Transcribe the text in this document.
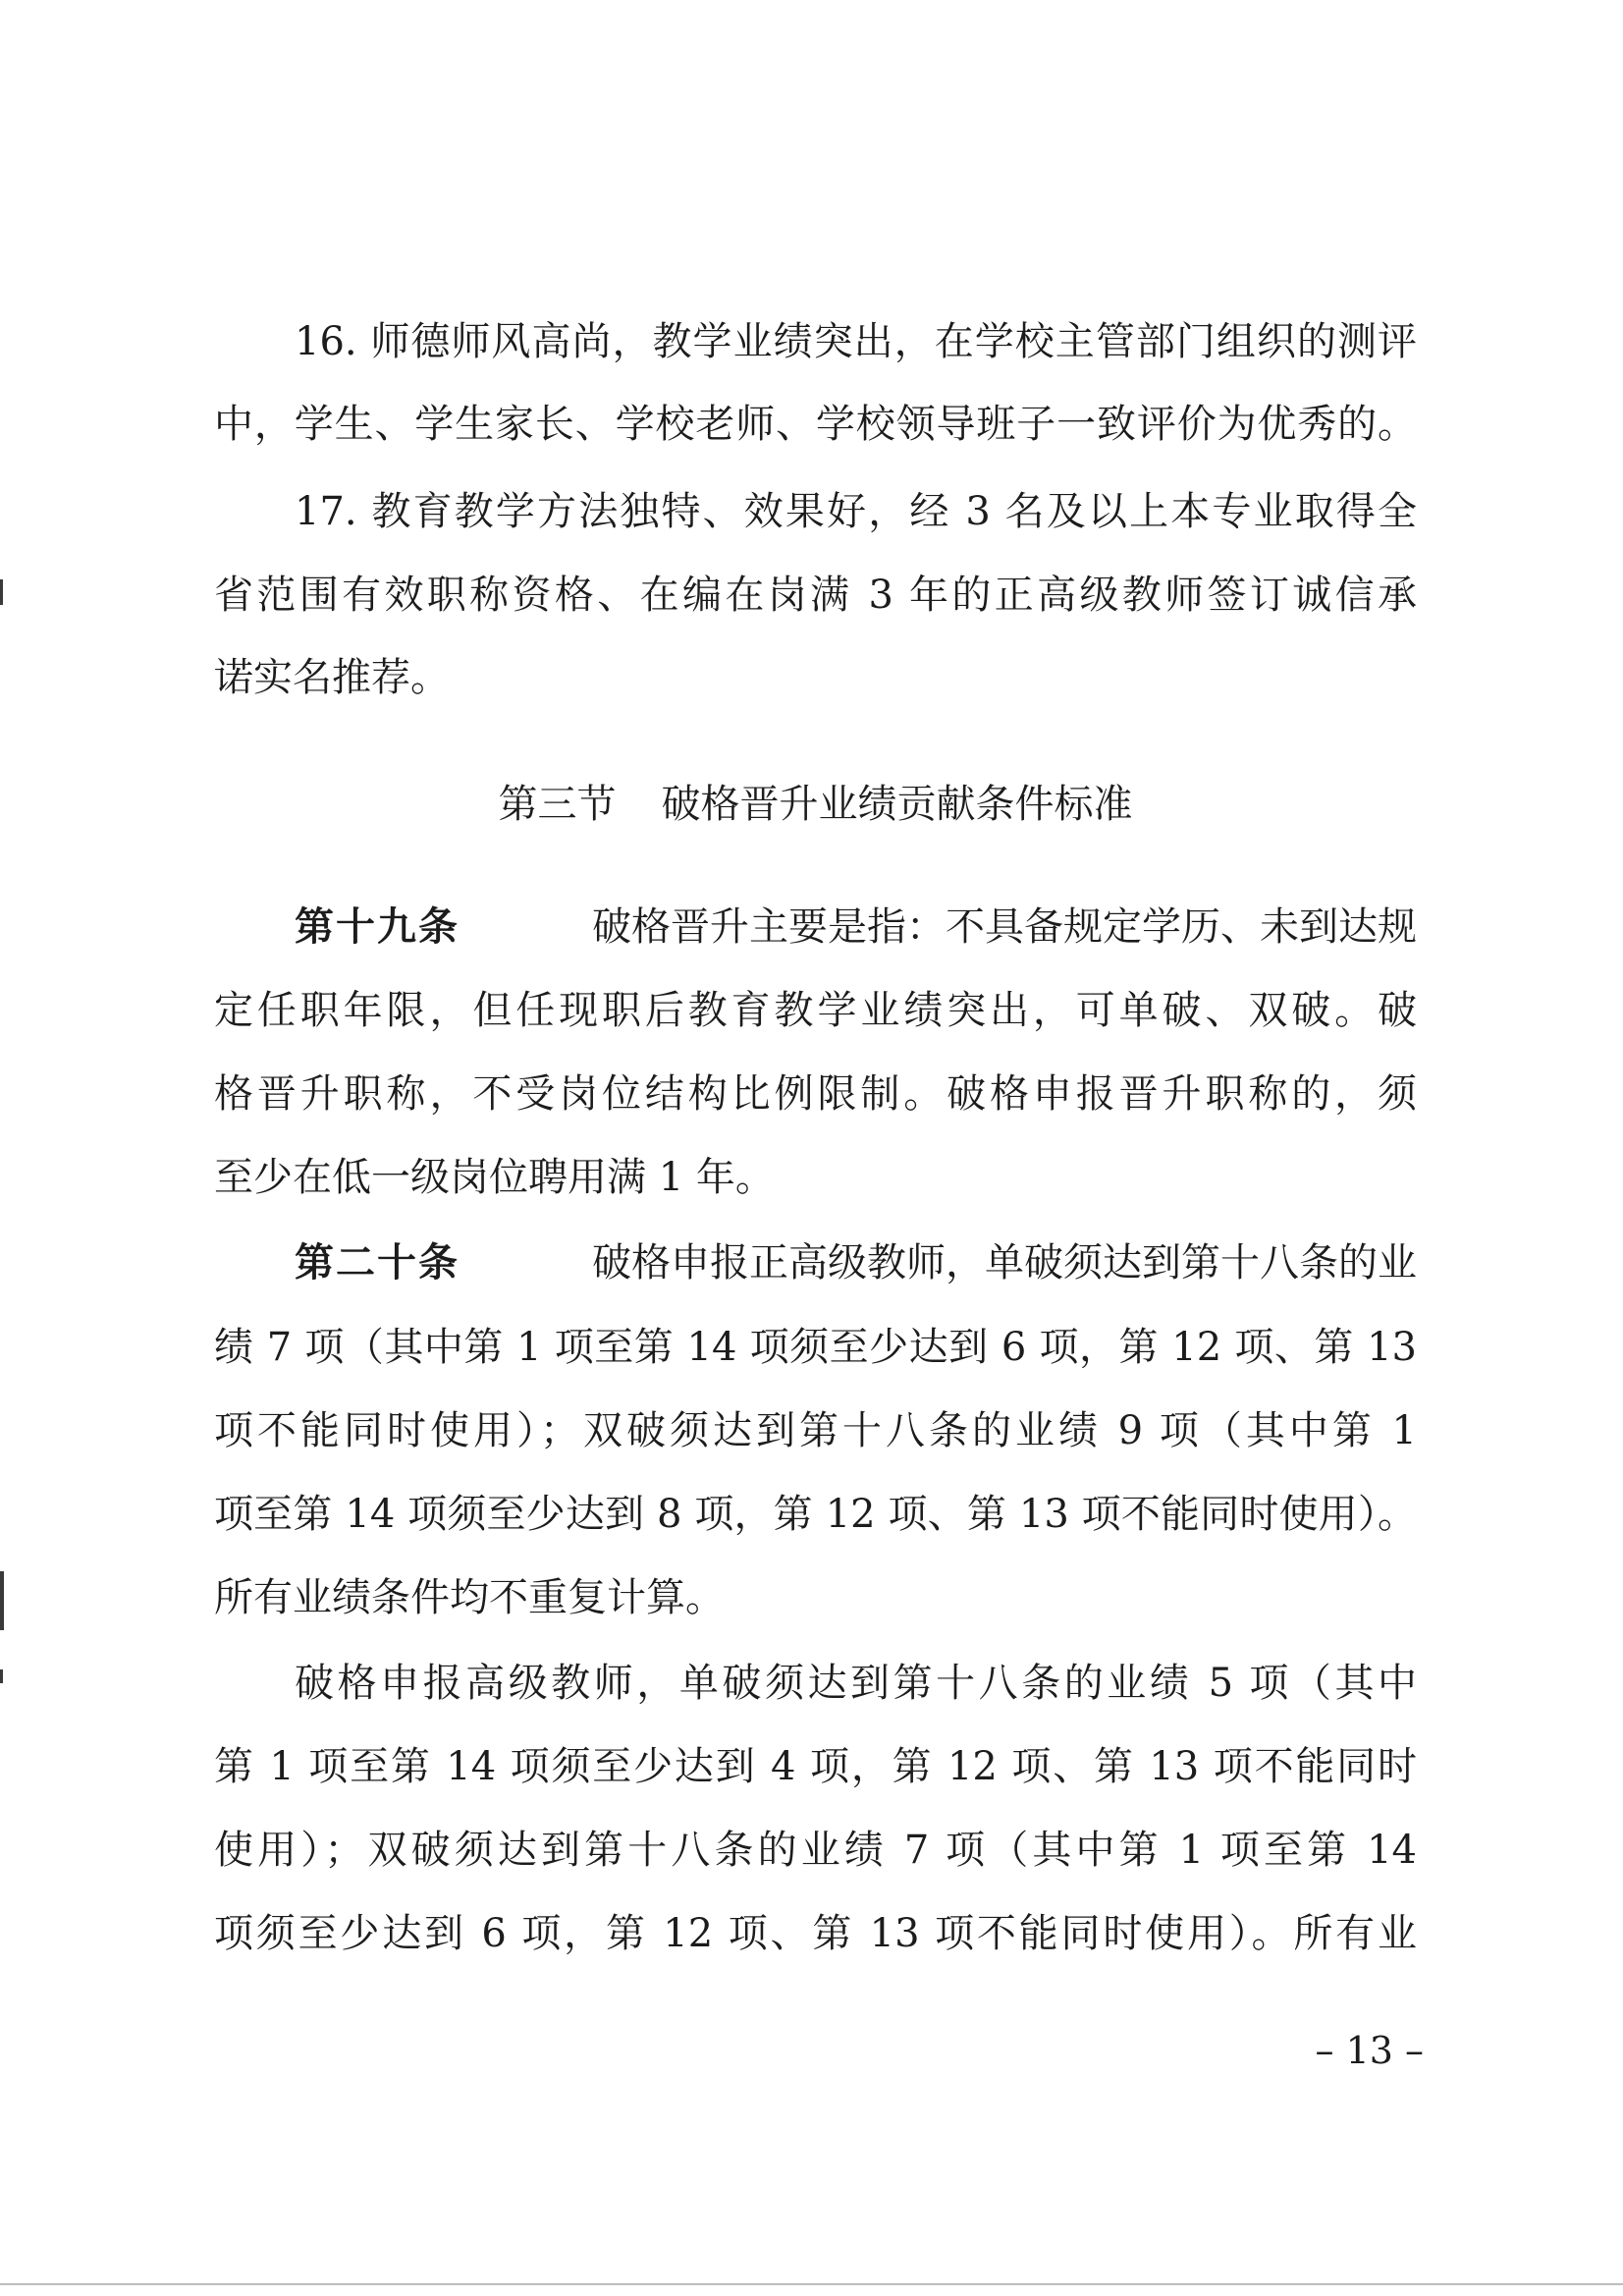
16. 师德师风高尚，教学业绩突出，在学校主管部门组织的测评
中，学生、学生家长、学校老师、学校领导班子一致评价为优秀的。
17. 教育教学方法独特、效果好，经 3 名及以上本专业取得全
省范围有效职称资格、在编在岗满 3 年的正高级教师签订诚信承
诺实名推荐。
第三节 破格晋升业绩贡献条件标准
第十九条	破格晋升主要是指：不具备规定学历、未到达规
定任职年限，但任现职后教育教学业绩突出，可单破、双破。破
格晋升职称，不受岗位结构比例限制。破格申报晋升职称的，须
至少在低一级岗位聘用满 1 年。
第二十条	破格申报正高级教师，单破须达到第十八条的业
绩 7 项（其中第 1 项至第 14 项须至少达到 6 项，第 12 项、第 13
项不能同时使用）；双破须达到第十八条的业绩 9 项（其中第 1
项至第 14 项须至少达到 8 项，第 12 项、第 13 项不能同时使用）。
所有业绩条件均不重复计算。
破格申报高级教师，单破须达到第十八条的业绩 5 项（其中
第 1 项至第 14 项须至少达到 4 项，第 12 项、第 13 项不能同时
使用）；双破须达到第十八条的业绩 7 项（其中第 1 项至第 14
项须至少达到 6 项，第 12 项、第 13 项不能同时使用）。所有业
– 13 –
